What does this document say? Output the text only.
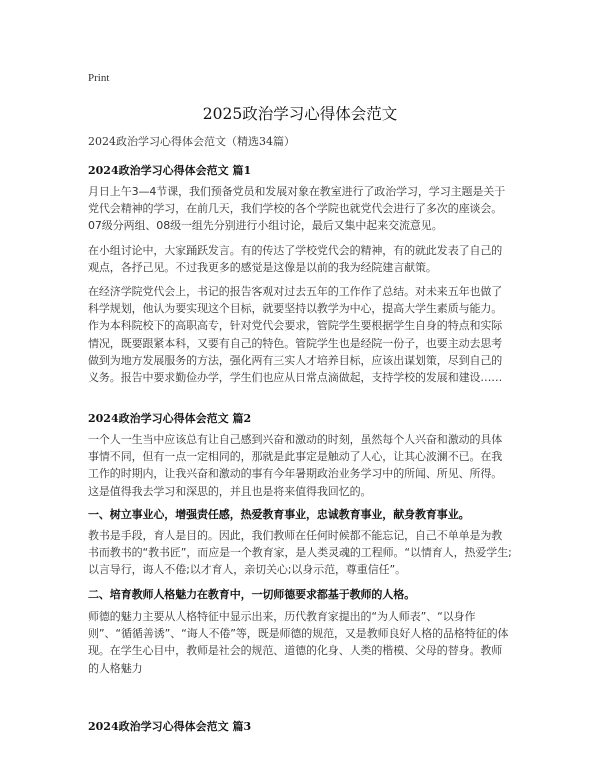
Print
2025政治学习心得体会范文
2024政治学习心得体会范文（精选34篇）
2024政治学习心得体会范文 篇1
月日上午3—4节课，我们预备党员和发展对象在教室进行了政治学习，学习主题是关于党代会精神的学习，在前几天，我们学校的各个学院也就党代会进行了多次的座谈会。07级分两组、08级一组先分别进行小组讨论，最后又集中起来交流意见。
在小组讨论中，大家踊跃发言。有的传达了学校党代会的精神，有的就此发表了自己的观点，各抒己见。不过我更多的感觉是这像是以前的我为经院建言献策。
在经济学院党代会上，书记的报告客观对过去五年的工作作了总结。对未来五年也做了科学规划，他认为要实现这个目标，就要坚持以教学为中心，提高大学生素质与能力。作为本科院校下的高职高专，针对党代会要求，管院学生要根据学生自身的特点和实际情况，既要跟紧本科，又要有自己的特色。管院学生也是经院一份子，也要主动去思考做到为地方发展服务的方法，强化两有三实人才培养目标，应该出谋划策，尽到自己的义务。报告中要求勤俭办学，学生们也应从日常点滴做起，支持学校的发展和建设……
2024政治学习心得体会范文 篇2
一个人一生当中应该总有让自己感到兴奋和激动的时刻，虽然每个人兴奋和激动的具体事情不同，但有一点一定相同的，那就是此事定是触动了人心，让其心波澜不已。在我工作的时期内，让我兴奋和激动的事有今年暑期政治业务学习中的所闻、所见、所得。这是值得我去学习和深思的，并且也是将来值得我回忆的。
一、树立事业心，增强责任感，热爱教育事业，忠诚教育事业，献身教育事业。
教书是手段，育人是目的。因此，我们教师在任何时候都不能忘记，自己不单单是为教书而教书的“教书匠”，而应是一个教育家，是人类灵魂的工程师。“以情育人，热爱学生;以言导行，诲人不倦;以才育人，亲切关心;以身示范，尊重信任”。
二、培育教师人格魅力在教育中，一切师德要求都基于教师的人格。
师德的魅力主要从人格特征中显示出来，历代教育家提出的“为人师表”、“以身作则”、“循循善诱”、“诲人不倦”等，既是师德的规范，又是教师良好人格的品格特征的体现。在学生心目中，教师是社会的规范、道德的化身、人类的楷模、父母的替身。教师的人格魅力
2024政治学习心得体会范文 篇3
